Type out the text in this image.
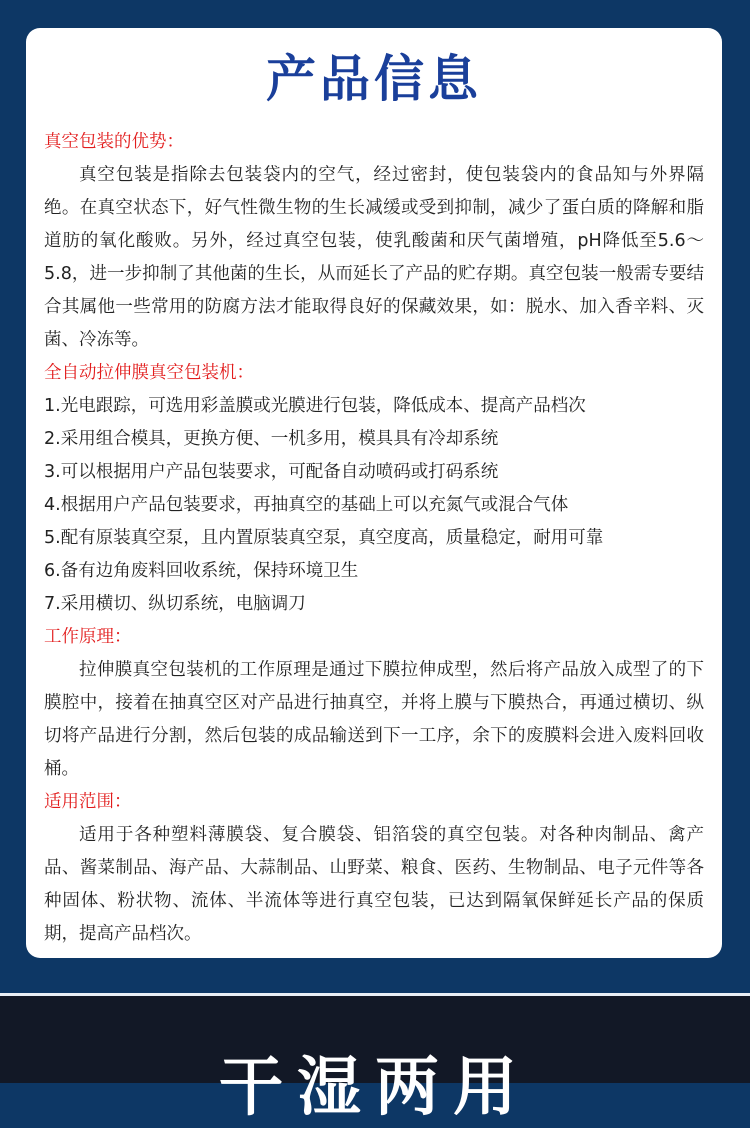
产品信息
真空包装的优势：
真空包装是指除去包装袋内的空气，经过密封，使包装袋内的食品知与外界隔绝。在真空状态下，好气性微生物的生长减缓或受到抑制，减少了蛋白质的降解和脂道肪的氧化酸败。另外，经过真空包装，使乳酸菌和厌气菌增殖，pH降低至5.6～5.8，进一步抑制了其他菌的生长，从而延长了产品的贮存期。真空包装一般需专要结合其属他一些常用的防腐方法才能取得良好的保藏效果，如：脱水、加入香辛料、灭菌、冷冻等。
全自动拉伸膜真空包装机：
1.光电跟踪，可选用彩盖膜或光膜进行包装，降低成本、提高产品档次
2.采用组合模具，更换方便、一机多用，模具具有冷却系统
3.可以根据用户产品包装要求，可配备自动喷码或打码系统
4.根据用户产品包装要求，再抽真空的基础上可以充氮气或混合气体
5.配有原装真空泵，且内置原装真空泵，真空度高，质量稳定，耐用可靠
6.备有边角废料回收系统，保持环境卫生
7.采用横切、纵切系统，电脑调刀
工作原理：
拉伸膜真空包装机的工作原理是通过下膜拉伸成型，然后将产品放入成型了的下膜腔中，接着在抽真空区对产品进行抽真空，并将上膜与下膜热合，再通过横切、纵切将产品进行分割，然后包装的成品输送到下一工序，余下的废膜料会进入废料回收桶。
适用范围：
适用于各种塑料薄膜袋、复合膜袋、铝箔袋的真空包装。对各种肉制品、禽产品、酱菜制品、海产品、大蒜制品、山野菜、粮食、医药、生物制品、电子元件等各种固体、粉状物、流体、半流体等进行真空包装，已达到隔氧保鲜延长产品的保质期，提高产品档次。
干湿两用
